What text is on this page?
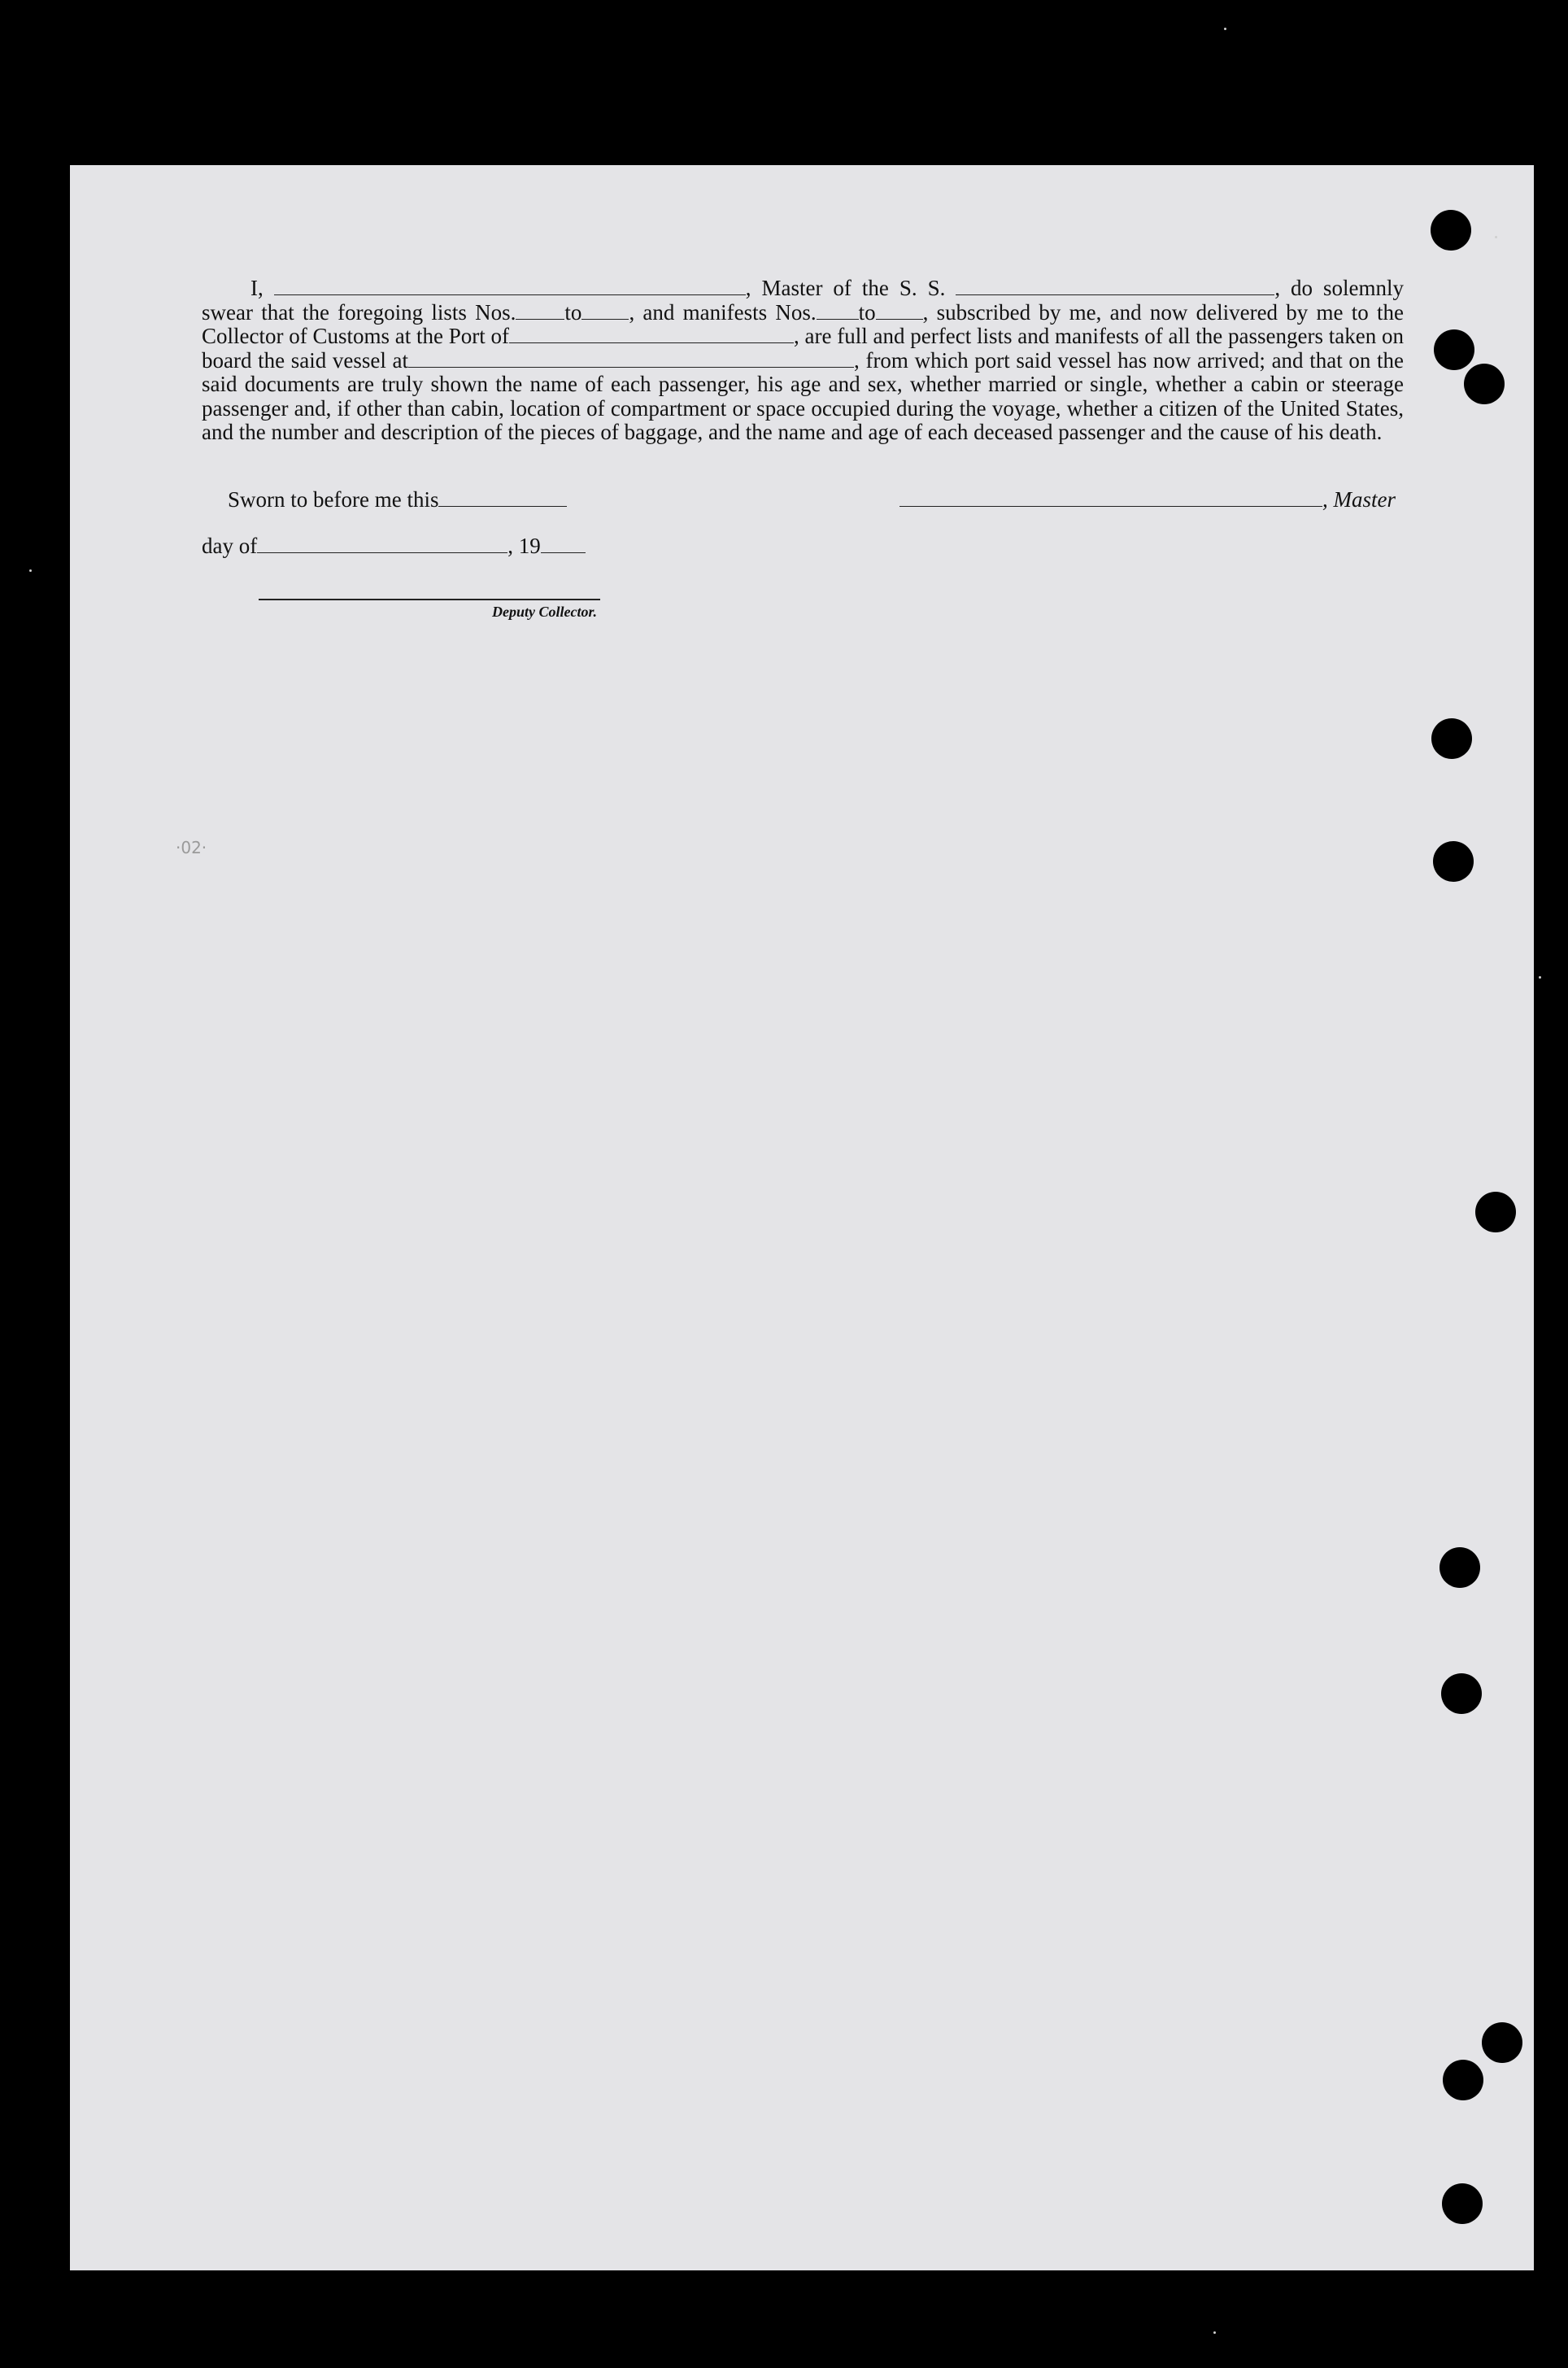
I,	, Master of the S. S.	, do solemnly swear that the foregoing lists Nos. to , and manifests Nos. to , subscribed by me, and now delivered by me to the Collector of Customs at the Port of	, are full and perfect lists and manifests of all the passengers taken on board the said vessel at	, from which port said vessel has now arrived; and that on the said documents are truly shown the name of each passenger, his age and sex, whether married or single, whether a cabin or steerage passenger and, if other than cabin, location of compartment or space occupied during the voyage, whether a citizen of the United States, and the number and description of the pieces of baggage, and the name and age of each deceased passenger and the cause of his death.

Sworn to before me this	, Master
day of	, 19
Deputy Collector.
·02·
